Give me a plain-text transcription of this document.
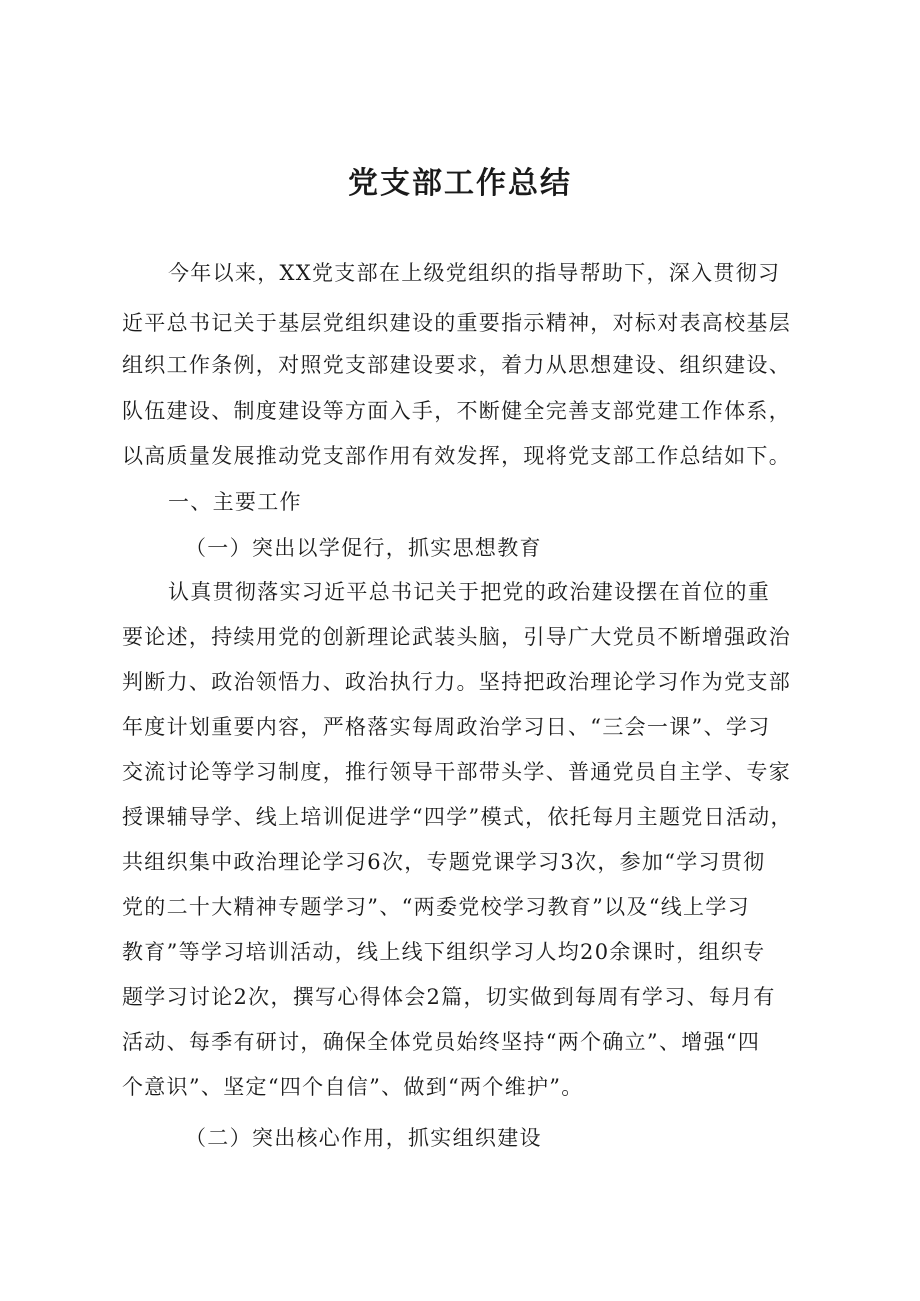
党支部工作总结
今年以来，XX党支部在上级党组织的指导帮助下，深入贯彻习
近平总书记关于基层党组织建设的重要指示精神，对标对表高校基层
组织工作条例，对照党支部建设要求，着力从思想建设、组织建设、
队伍建设、制度建设等方面入手，不断健全完善支部党建工作体系，
以高质量发展推动党支部作用有效发挥，现将党支部工作总结如下。
一、主要工作
（一）突出以学促行，抓实思想教育
认真贯彻落实习近平总书记关于把党的政治建设摆在首位的重
要论述，持续用党的创新理论武装头脑，引导广大党员不断增强政治
判断力、政治领悟力、政治执行力。坚持把政治理论学习作为党支部
年度计划重要内容，严格落实每周政治学习日、“三会一课”、学习
交流讨论等学习制度，推行领导干部带头学、普通党员自主学、专家
授课辅导学、线上培训促进学“四学”模式，依托每月主题党日活动，
共组织集中政治理论学习6次，专题党课学习3次，参加“学习贯彻
党的二十大精神专题学习”、“两委党校学习教育”以及“线上学习
教育”等学习培训活动，线上线下组织学习人均20余课时，组织专
题学习讨论2次，撰写心得体会2篇，切实做到每周有学习、每月有
活动、每季有研讨，确保全体党员始终坚持“两个确立”、增强“四
个意识”、坚定“四个自信”、做到“两个维护”。
（二）突出核心作用，抓实组织建设
